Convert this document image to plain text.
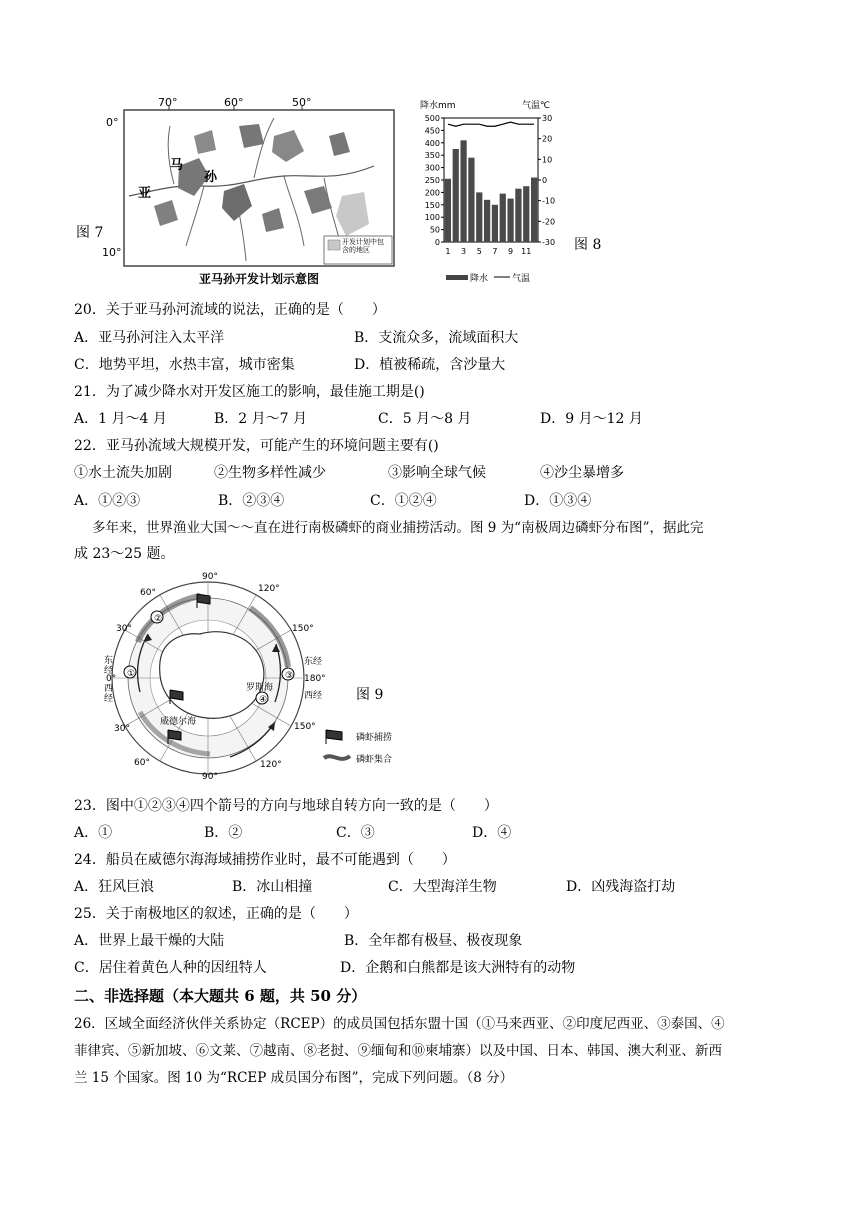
70°	60°	50°
0°
10°
亚
马
孙
图 7
开发计划中包含的地区
亚马孙开发计划示意图
降水mm	气温℃
500
450
400
350
300
250
200
150
100
50
0
30
20
10
0
-10
-20
-30
1 3 5 7 9 11
降水	气温
图 8
20．关于亚马孙河流域的说法，正确的是（　　）
A．亚马孙河注入太平洋	B．支流众多，流域面积大
C．地势平坦，水热丰富，城市密集	D．植被稀疏，含沙量大
21．为了减少降水对开发区施工的影响，最佳施工期是()
A．1 月～4 月	B．2 月～7 月	C．5 月～8 月	D．9 月～12 月
22．亚马孙流域大规模开发，可能产生的环境问题主要有()
①水土流失加剧	②生物多样性减少	③影响全球气候	④沙尘暴增多
A．①②③	B．②③④	C．①②④	D．①③④
多年来，世界渔业大国〜〜直在进行南极磷虾的商业捕捞活动。图 9 为“南极周边磷虾分布图”，据此完
成 23～25 题。
②
①	③
④
90°
120°
60°
30°	150°
0°	180°
30°	150°
60°	120°
90°
东经
西经
东经
西经
罗斯海
威德尔海
图 9
磷虾捕捞
磷虾集合
23．图中①②③④四个箭号的方向与地球自转方向一致的是（　　）
A．①	B．②	C．③	D．④
24．船员在威德尔海海域捕捞作业时，最不可能遇到（　　）
A．狂风巨浪	B．冰山相撞	C．大型海洋生物	D．凶残海盗打劫
25．关于南极地区的叙述，正确的是（　　）
A．世界上最干燥的大陆	B．全年都有极昼、极夜现象
C．居住着黄色人种的因纽特人	D．企鹅和白熊都是该大洲特有的动物
二、非选择题（本大题共 6 题，共 50 分）
26．区域全面经济伙伴关系协定（RCEP）的成员国包括东盟十国（①马来西亚、②印度尼西亚、③泰国、④
菲律宾、⑤新加坡、⑥文莱、⑦越南、⑧老挝、⑨缅甸和⑩柬埔寨）以及中国、日本、韩国、澳大利亚、新西
兰 15 个国家。图 10 为“RCEP 成员国分布图”，完成下列问题。（8 分）
